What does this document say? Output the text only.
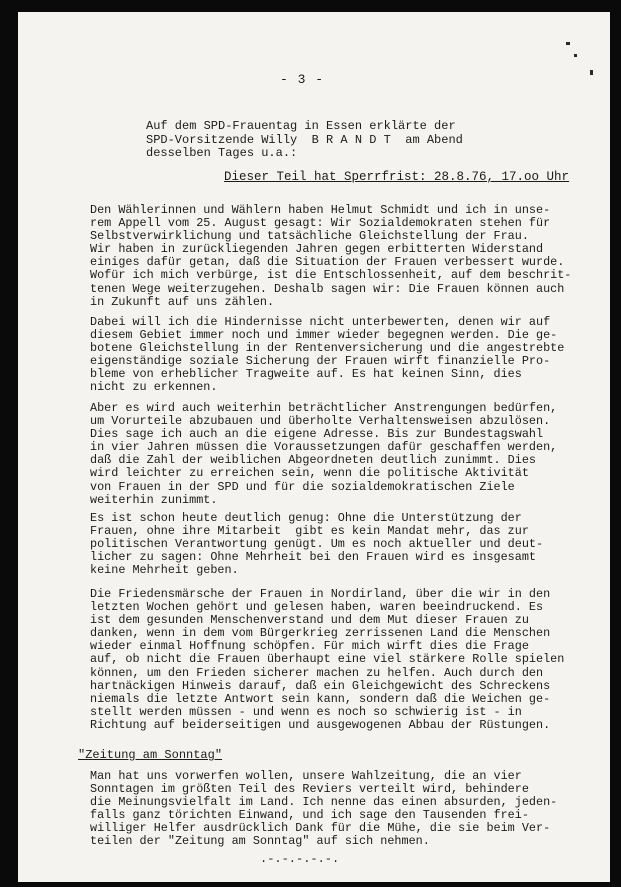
- 3 -
Auf dem SPD-Frauentag in Essen erklärte der
SPD-Vorsitzende Willy  B R A N D T  am Abend
desselben Tages u.a.:
Dieser Teil hat Sperrfrist: 28.8.76, 17.oo Uhr
Den Wählerinnen und Wählern haben Helmut Schmidt und ich in unse-
rem Appell vom 25. August gesagt: Wir Sozialdemokraten stehen für
Selbstverwirklichung und tatsächliche Gleichstellung der Frau.
Wir haben in zurückliegenden Jahren gegen erbitterten Widerstand
einiges dafür getan, daß die Situation der Frauen verbessert wurde.
Wofür ich mich verbürge, ist die Entschlossenheit, auf dem beschrit-
tenen Wege weiterzugehen. Deshalb sagen wir: Die Frauen können auch
in Zukunft auf uns zählen.
Dabei will ich die Hindernisse nicht unterbewerten, denen wir auf
diesem Gebiet immer noch und immer wieder begegnen werden. Die ge-
botene Gleichstellung in der Rentenversicherung und die angestrebte
eigenständige soziale Sicherung der Frauen wirft finanzielle Pro-
bleme von erheblicher Tragweite auf. Es hat keinen Sinn, dies
nicht zu erkennen.
Aber es wird auch weiterhin beträchtlicher Anstrengungen bedürfen,
um Vorurteile abzubauen und überholte Verhaltensweisen abzulösen.
Dies sage ich auch an die eigene Adresse. Bis zur Bundestagswahl
in vier Jahren müssen die Voraussetzungen dafür geschaffen werden,
daß die Zahl der weiblichen Abgeordneten deutlich zunimmt. Dies
wird leichter zu erreichen sein, wenn die politische Aktivität
von Frauen in der SPD und für die sozialdemokratischen Ziele
weiterhin zunimmt.
Es ist schon heute deutlich genug: Ohne die Unterstützung der
Frauen, ohne ihre Mitarbeit  gibt es kein Mandat mehr, das zur
politischen Verantwortung genügt. Um es noch aktueller und deut-
licher zu sagen: Ohne Mehrheit bei den Frauen wird es insgesamt
keine Mehrheit geben.
Die Friedensmärsche der Frauen in Nordirland, über die wir in den
letzten Wochen gehört und gelesen haben, waren beeindruckend. Es
ist dem gesunden Menschenverstand und dem Mut dieser Frauen zu
danken, wenn in dem vom Bürgerkrieg zerrissenen Land die Menschen
wieder einmal Hoffnung schöpfen. Für mich wirft dies die Frage
auf, ob nicht die Frauen überhaupt eine viel stärkere Rolle spielen
können, um den Frieden sicherer machen zu helfen. Auch durch den
hartnäckigen Hinweis darauf, daß ein Gleichgewicht des Schreckens
niemals die letzte Antwort sein kann, sondern daß die Weichen ge-
stellt werden müssen - und wenn es noch so schwierig ist - in
Richtung auf beiderseitigen und ausgewogenen Abbau der Rüstungen.
"Zeitung am Sonntag"
Man hat uns vorwerfen wollen, unsere Wahlzeitung, die an vier
Sonntagen im größten Teil des Reviers verteilt wird, behindere
die Meinungsvielfalt im Land. Ich nenne das einen absurden, jeden-
falls ganz törichten Einwand, und ich sage den Tausenden frei-
williger Helfer ausdrücklich Dank für die Mühe, die sie beim Ver-
teilen der "Zeitung am Sonntag" auf sich nehmen.
.-.-.-.-.-.
